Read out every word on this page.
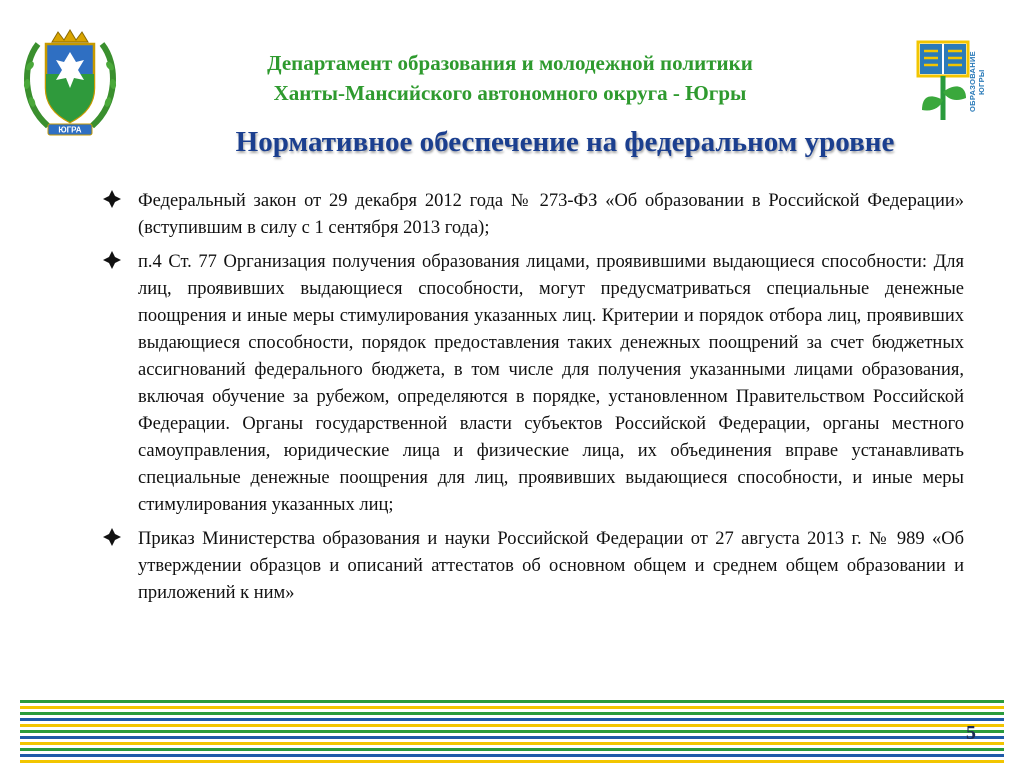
ЮГРА
Департамент образования и молодежной политики
Ханты-Мансийского автономного округа - Югры	ОБРАЗОВАНИЕ ЮГРЫ
Нормативное обеспечение на федеральном уровне
Федеральный закон от 29 декабря 2012 года № 273-ФЗ «Об образовании в Российской Федерации» (вступившим в силу с 1 сентября 2013 года);
п.4 Ст. 77 Организация получения образования лицами, проявившими выдающиеся способности: Для лиц, проявивших выдающиеся способности, могут предусматриваться специальные денежные поощрения и иные меры стимулирования указанных лиц. Критерии и порядок отбора лиц, проявивших выдающиеся способности, порядок предоставления таких денежных поощрений за счет бюджетных ассигнований федерального бюджета, в том числе для получения указанными лицами образования, включая обучение за рубежом, определяются в порядке, установленном Правительством Российской Федерации. Органы государственной власти субъектов Российской Федерации, органы местного самоуправления, юридические лица и физические лица, их объединения вправе устанавливать специальные денежные поощрения для лиц, проявивших выдающиеся способности, и иные меры стимулирования указанных лиц;
Приказ Министерства образования и науки Российской Федерации от 27 августа 2013 г. № 989 «Об утверждении образцов и описаний аттестатов об основном общем и среднем общем образовании и приложений к ним»
5
